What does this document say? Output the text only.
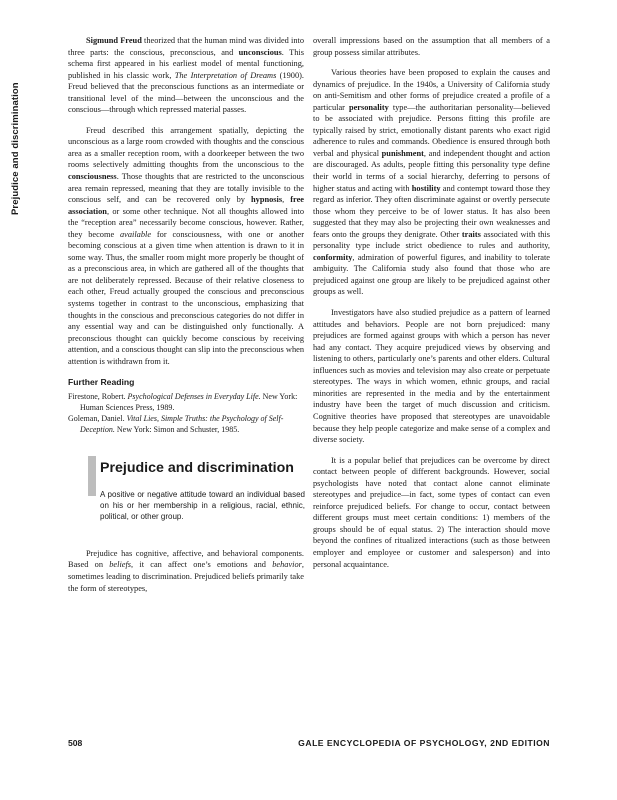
Prejudice and discrimination

Sigmund Freud theorized that the human mind was divided into three parts: the conscious, preconscious, and unconscious. This schema first appeared in his earliest model of mental functioning, published in his classic work, The Interpretation of Dreams (1900). Freud believed that the preconscious functions as an intermediate or transitional level of the mind—between the unconscious and the conscious—through which repressed material passes.

Freud described this arrangement spatially, depicting the unconscious as a large room crowded with thoughts and the conscious area as a smaller reception room, with a doorkeeper between the two rooms selectively admitting thoughts from the unconscious to the consciousness. Those thoughts that are restricted to the unconscious area remain repressed, meaning that they are totally invisible to the conscious self, and can be recovered only by hypnosis, free association, or some other technique. Not all thoughts allowed into the “reception area” necessarily become conscious, however. Rather, they become available for consciousness, with one or another becoming conscious at a given time when attention is drawn to it in some way. Thus, the smaller room might more properly be thought of as a preconscious area, in which are gathered all of the thoughts that are not deliberately repressed. Because of their relative closeness to each other, Freud actually grouped the conscious and preconscious systems together in contrast to the unconscious, emphasizing that thoughts in the conscious and preconscious categories do not differ in any essential way and can be distinguished only functionally. A preconscious thought can quickly become conscious by receiving attention, and a conscious thought can slip into the preconscious when attention is withdrawn from it.

Further Reading
Firestone, Robert. Psychological Defenses in Everyday Life. New York: Human Sciences Press, 1989.
Goleman, Daniel. Vital Lies, Simple Truths: the Psychology of Self-Deception. New York: Simon and Schuster, 1985.
Prejudice and discrimination
A positive or negative attitude toward an individual based on his or her membership in a religious, racial, ethnic, political, or other group.

Prejudice has cognitive, affective, and behavioral components. Based on beliefs, it can affect one’s emotions and behavior, sometimes leading to discrimination. Prejudiced beliefs primarily take the form of stereotypes,

overall impressions based on the assumption that all members of a group possess similar attributes.

Various theories have been proposed to explain the causes and dynamics of prejudice. In the 1940s, a University of California study on anti-Semitism and other forms of prejudice created a profile of a particular personality type—the authoritarian personality—believed to be associated with prejudice. Persons fitting this profile are typically raised by strict, emotionally distant parents who exact rigid adherence to rules and commands. Obedience is ensured through both verbal and physical punishment, and independent thought and action are discouraged. As adults, people fitting this personality type define their world in terms of a social hierarchy, deferring to persons of higher status and acting with hostility and contempt toward those they regard as inferior. They often discriminate against or overtly persecute those whom they perceive to be of lower status. It has also been suggested that they may also be projecting their own weaknesses and fears onto the groups they denigrate. Other traits associated with this personality type include strict obedience to rules and authority, conformity, admiration of powerful figures, and inability to tolerate ambiguity. The California study also found that those who are prejudiced against one group are likely to be prejudiced against other groups as well.

Investigators have also studied prejudice as a pattern of learned attitudes and behaviors. People are not born prejudiced: many prejudices are formed against groups with which a person has never had any contact. They acquire prejudiced views by observing and listening to others, particularly one’s parents and other elders. Cultural influences such as movies and television may also create or perpetuate stereotypes. The ways in which women, ethnic groups, and racial minorities are represented in the media and by the entertainment industry have been the target of much discussion and criticism. Cognitive theories have proposed that stereotypes are unavoidable because they help people categorize and make sense of a complex and diverse society.

It is a popular belief that prejudices can be overcome by direct contact between people of different backgrounds. However, social psychologists have noted that contact alone cannot eliminate stereotypes and prejudice—in fact, some types of contact can even reinforce prejudiced beliefs. For change to occur, contact between different groups must meet certain conditions: 1) members of the groups should be of equal status. 2) The interaction should move beyond the confines of ritualized interactions (such as those between employer and employee or customer and salesperson) and into personal acquaintance.

508	GALE ENCYCLOPEDIA OF PSYCHOLOGY, 2ND EDITION
